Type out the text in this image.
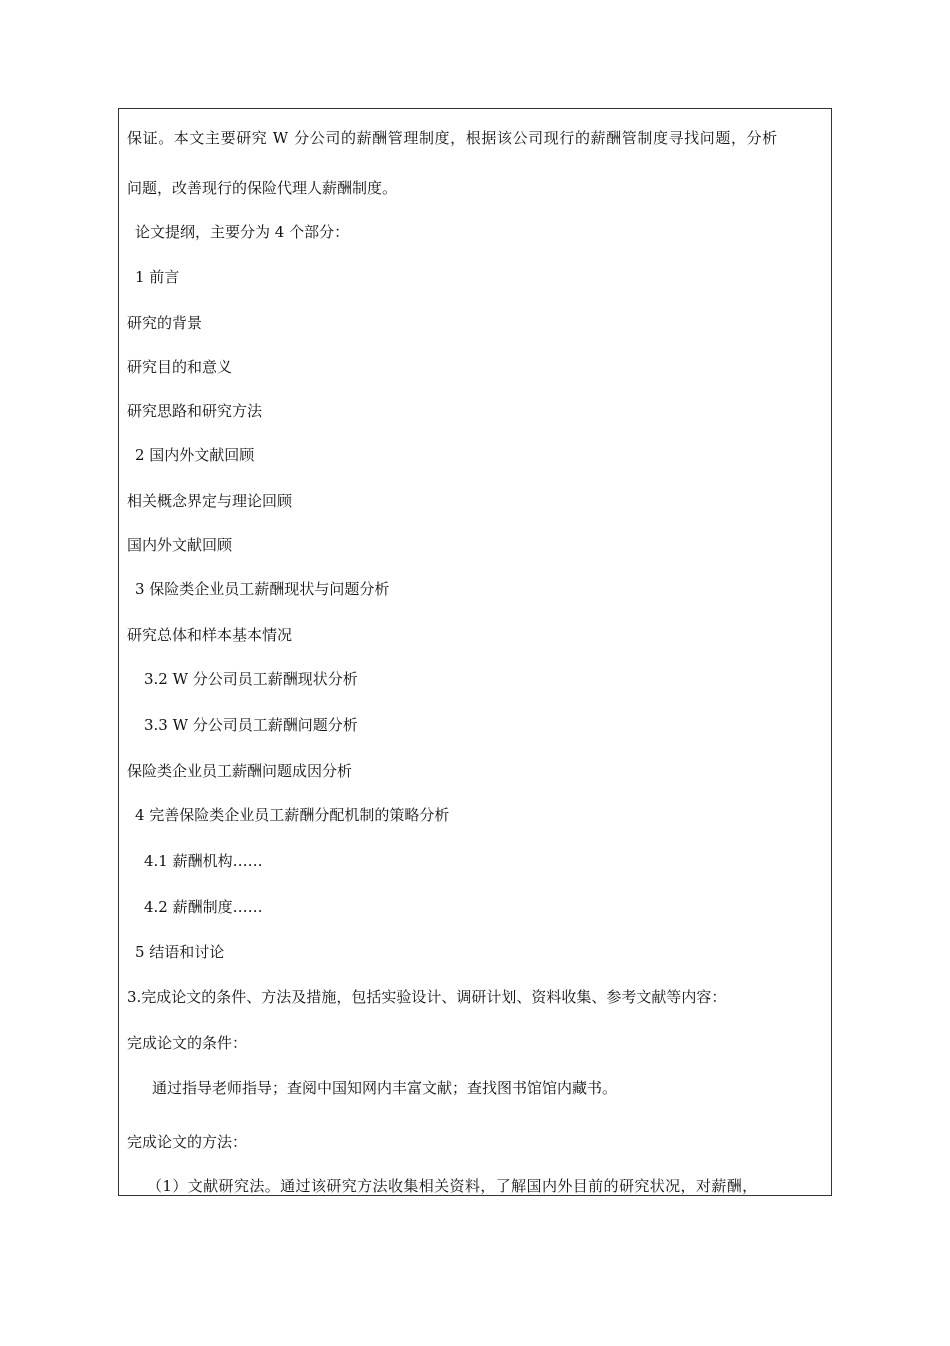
保证。本文主要研究 W 分公司的薪酬管理制度，根据该公司现行的薪酬管制度寻找问题，分析

问题，改善现行的保险代理人薪酬制度。

论文提纲，主要分为 4 个部分：

1 前言

研究的背景

研究目的和意义

研究思路和研究方法

2 国内外文献回顾

相关概念界定与理论回顾

国内外文献回顾

3 保险类企业员工薪酬现状与问题分析

研究总体和样本基本情况

3.2 W 分公司员工薪酬现状分析

3.3 W 分公司员工薪酬问题分析

保险类企业员工薪酬问题成因分析

4 完善保险类企业员工薪酬分配机制的策略分析

4.1 薪酬机构……

4.2 薪酬制度……

5 结语和讨论

3.完成论文的条件、方法及措施，包括实验设计、调研计划、资料收集、参考文献等内容：

完成论文的条件：

通过指导老师指导；查阅中国知网内丰富文献；查找图书馆馆内藏书。

完成论文的方法：

（1）文献研究法。通过该研究方法收集相关资料，了解国内外目前的研究状况，对薪酬，
